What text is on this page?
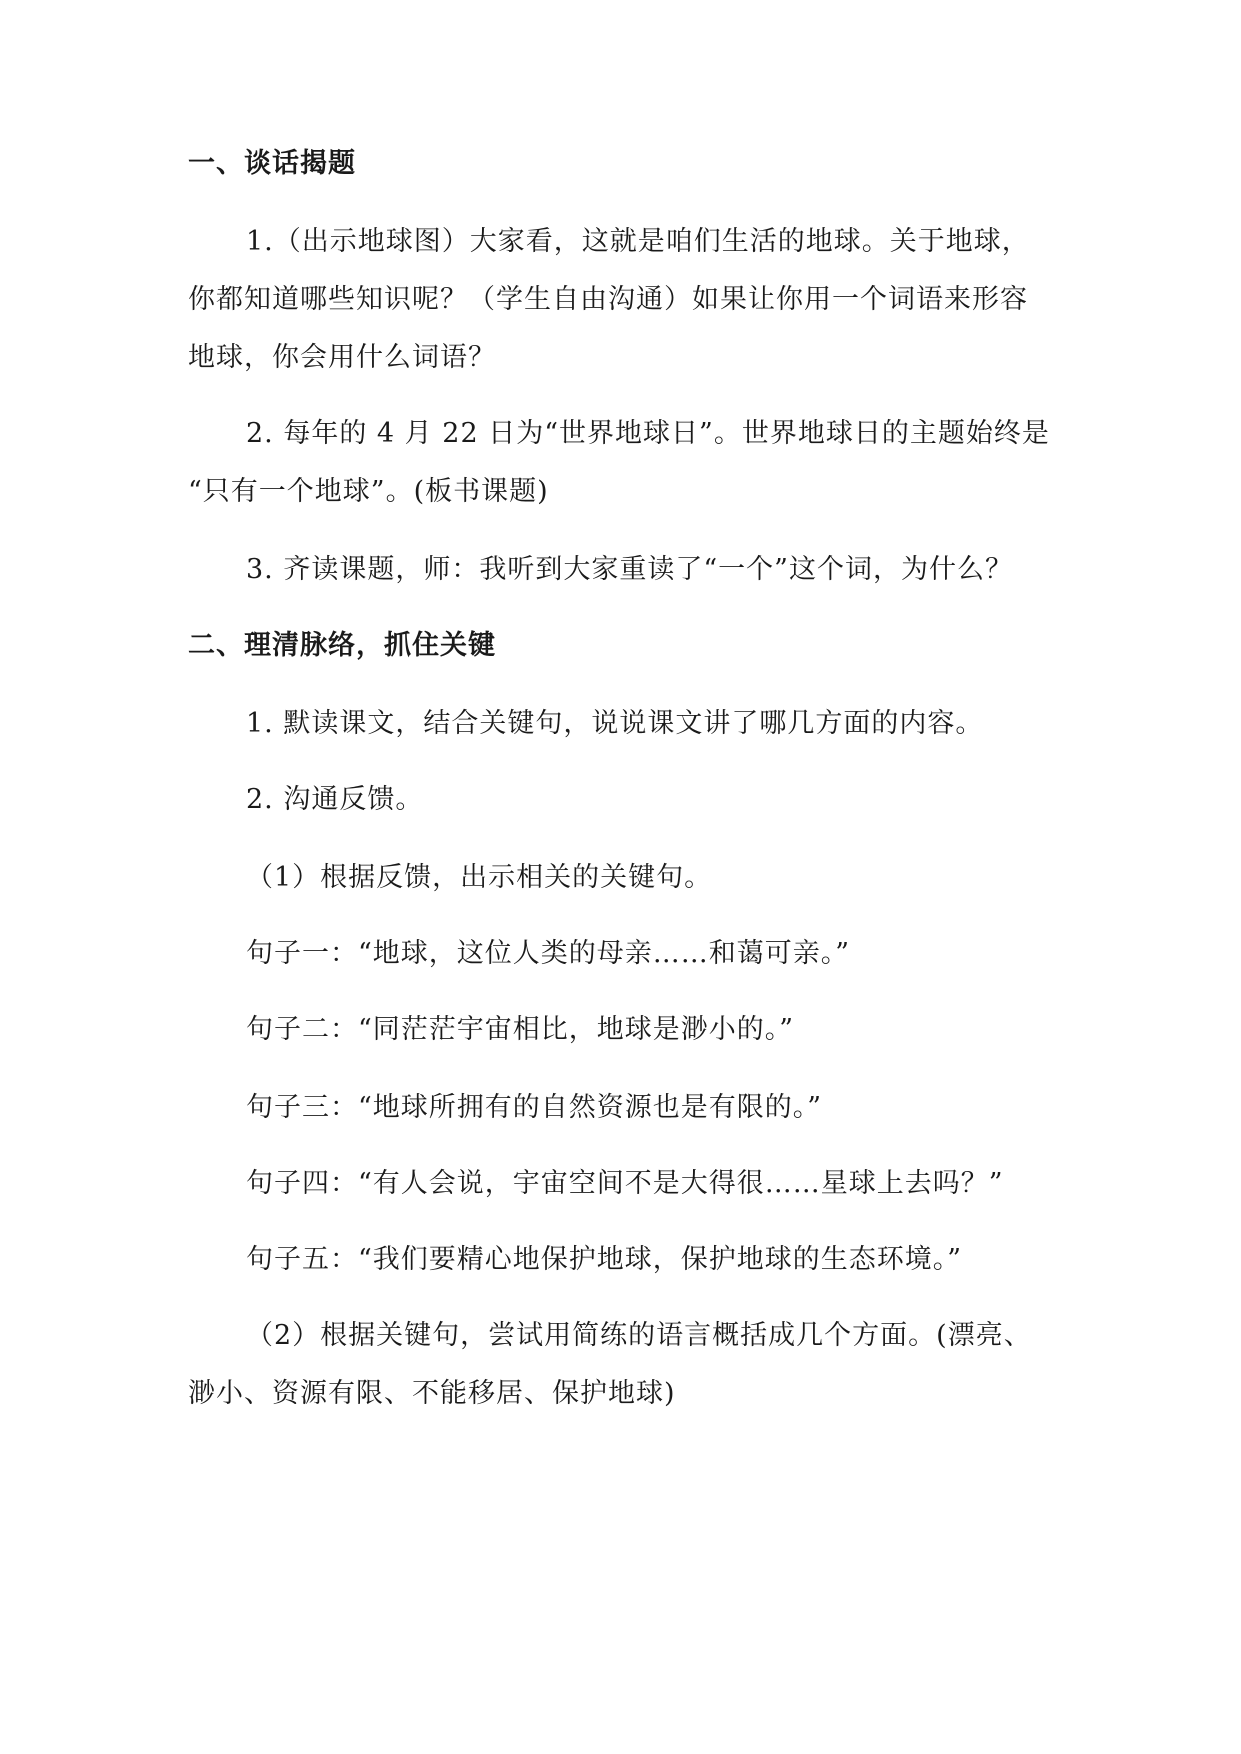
一、谈话揭题
1.（出示地球图）大家看，这就是咱们生活的地球。关于地球，
你都知道哪些知识呢？（学生自由沟通）如果让你用一个词语来形容
地球，你会用什么词语？
2. 每年的 4 月 22 日为“世界地球日”。世界地球日的主题始终是
“只有一个地球”。(板书课题)
3. 齐读课题，师：我听到大家重读了“一个”这个词，为什么？
二、理清脉络，抓住关键
1. 默读课文，结合关键句，说说课文讲了哪几方面的内容。
2. 沟通反馈。
（1）根据反馈，出示相关的关键句。
句子一：“地球，这位人类的母亲……和蔼可亲。”
句子二：“同茫茫宇宙相比，地球是渺小的。”
句子三：“地球所拥有的自然资源也是有限的。”
句子四：“有人会说，宇宙空间不是大得很……星球上去吗？”
句子五：“我们要精心地保护地球，保护地球的生态环境。”
（2）根据关键句，尝试用简练的语言概括成几个方面。(漂亮、
渺小、资源有限、不能移居、保护地球)
